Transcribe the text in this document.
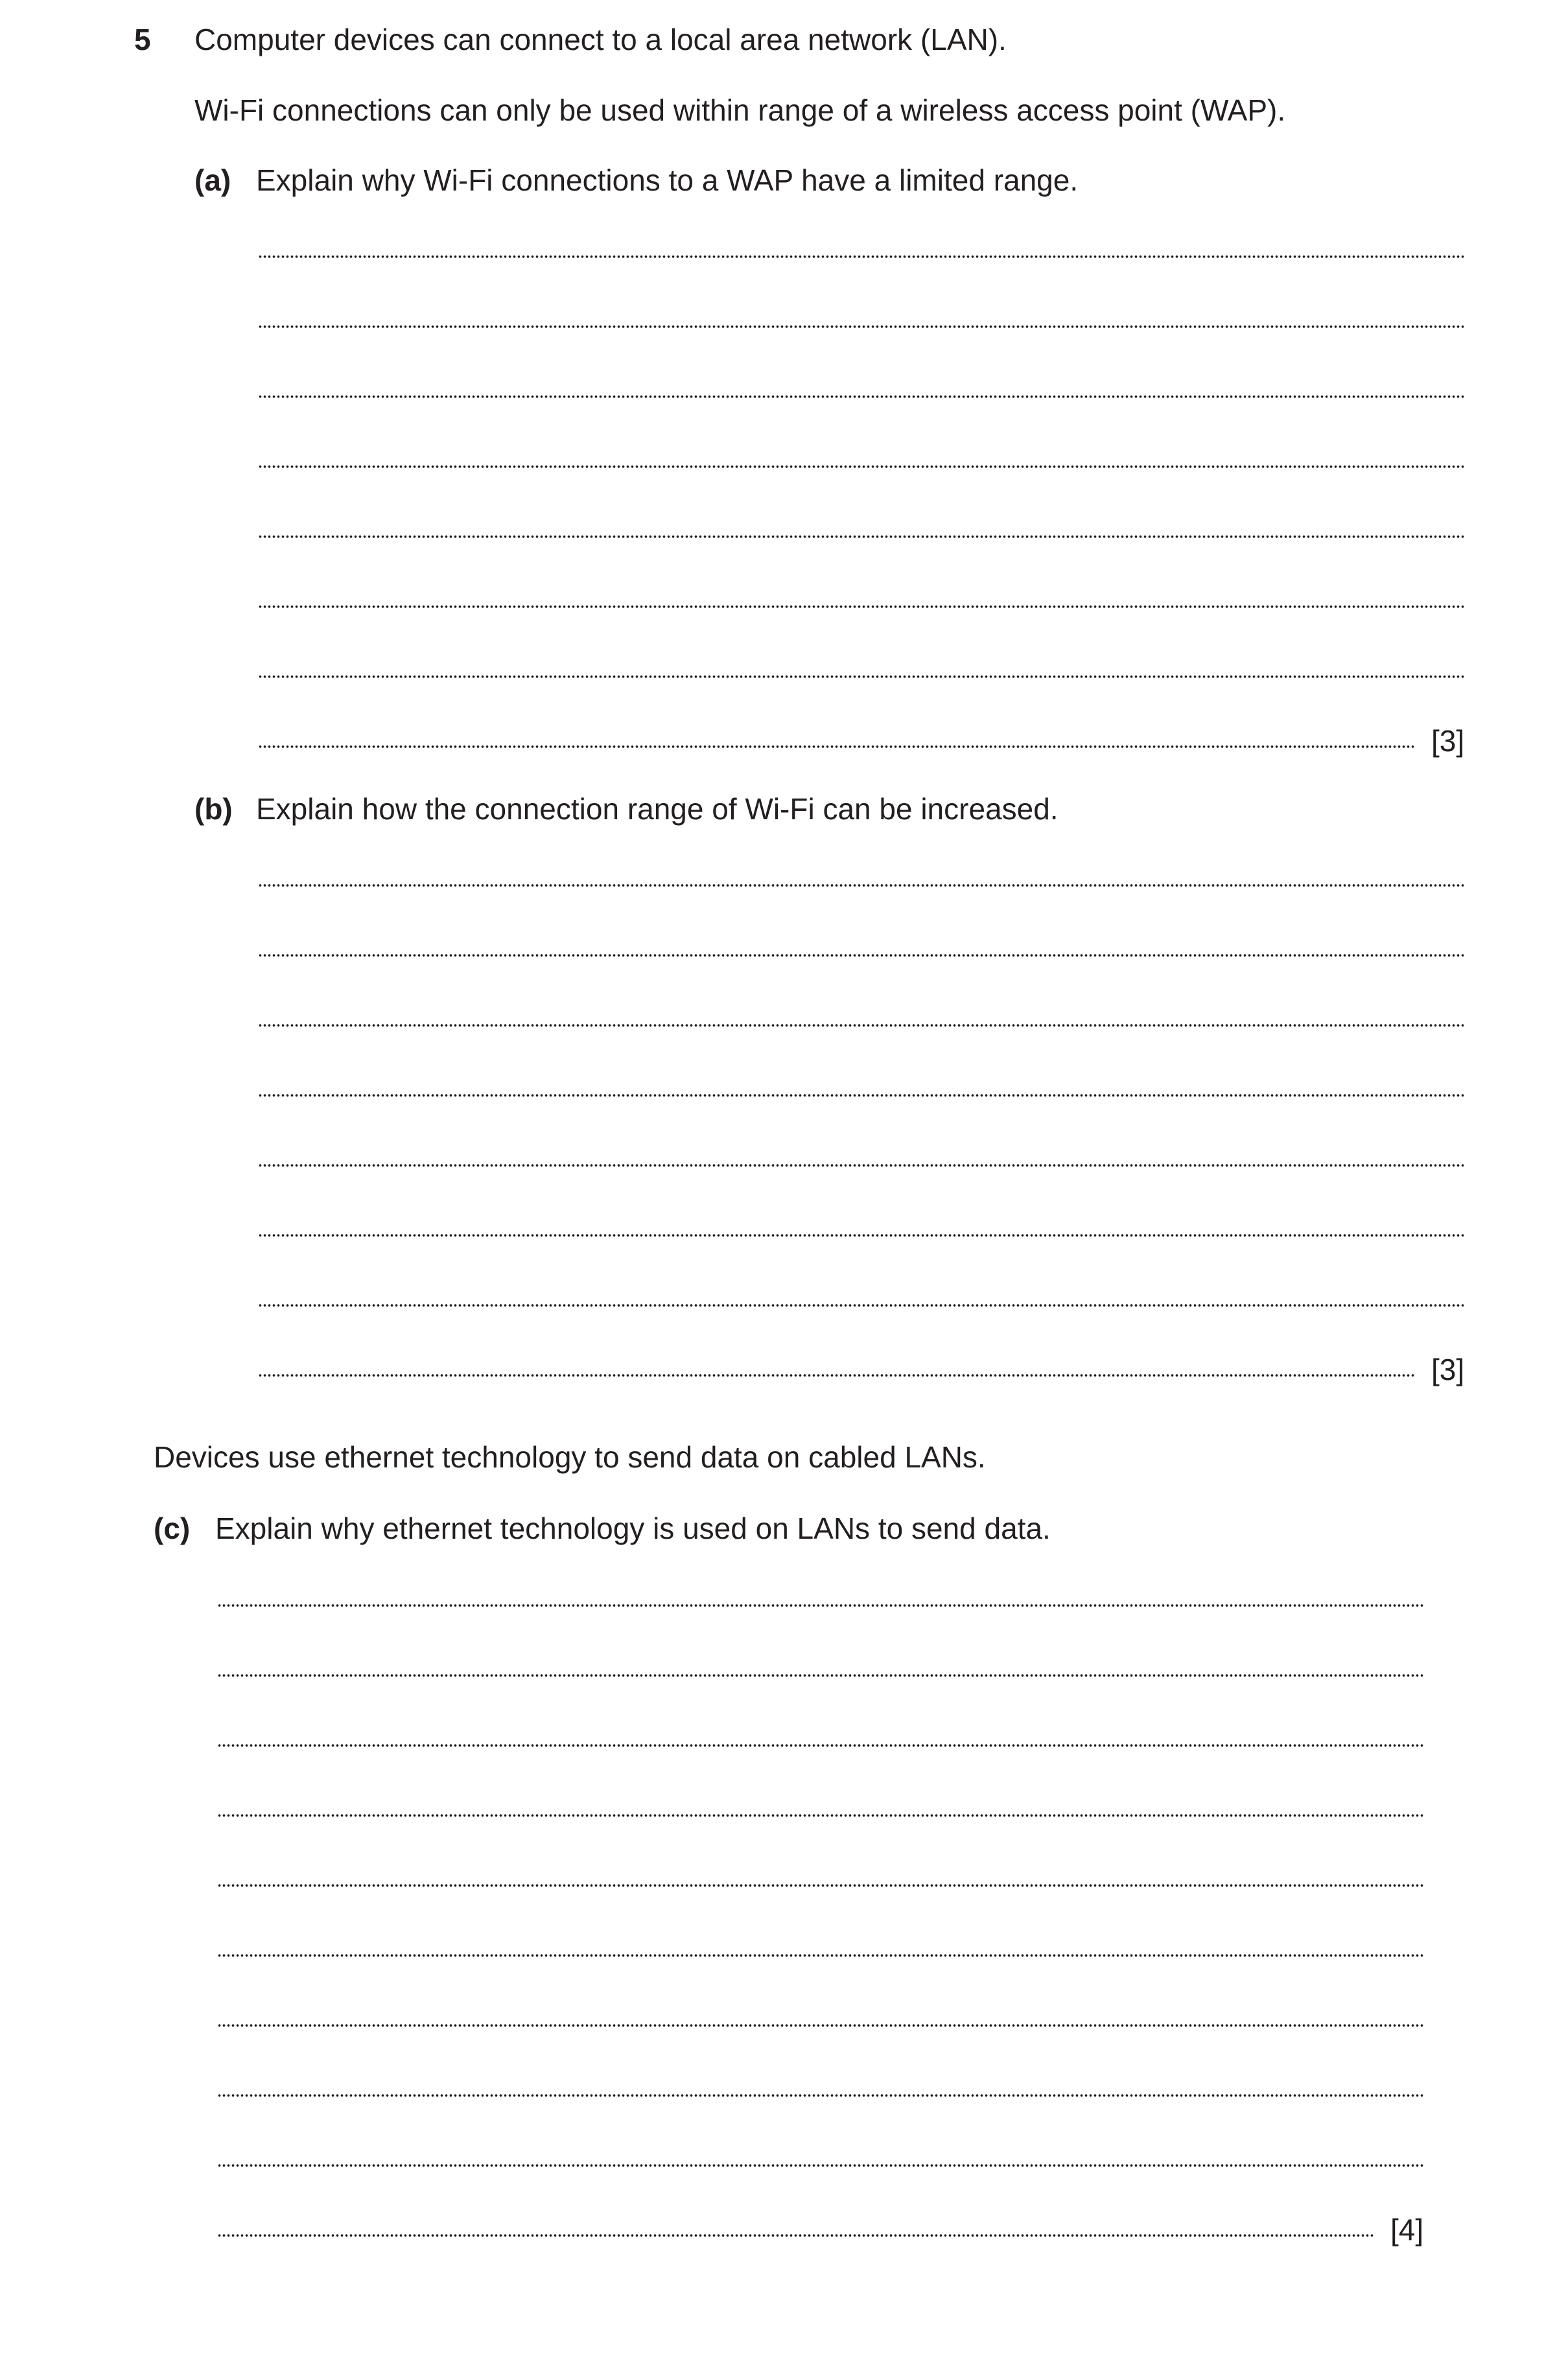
5 Computer devices can connect to a local area network (LAN).
Wi-Fi connections can only be used within range of a wireless access point (WAP).
(a) Explain why Wi-Fi connections to a WAP have a limited range.
[3]
(b) Explain how the connection range of Wi-Fi can be increased.
[3]
Devices use ethernet technology to send data on cabled LANs.
(c) Explain why ethernet technology is used on LANs to send data.
[4]
